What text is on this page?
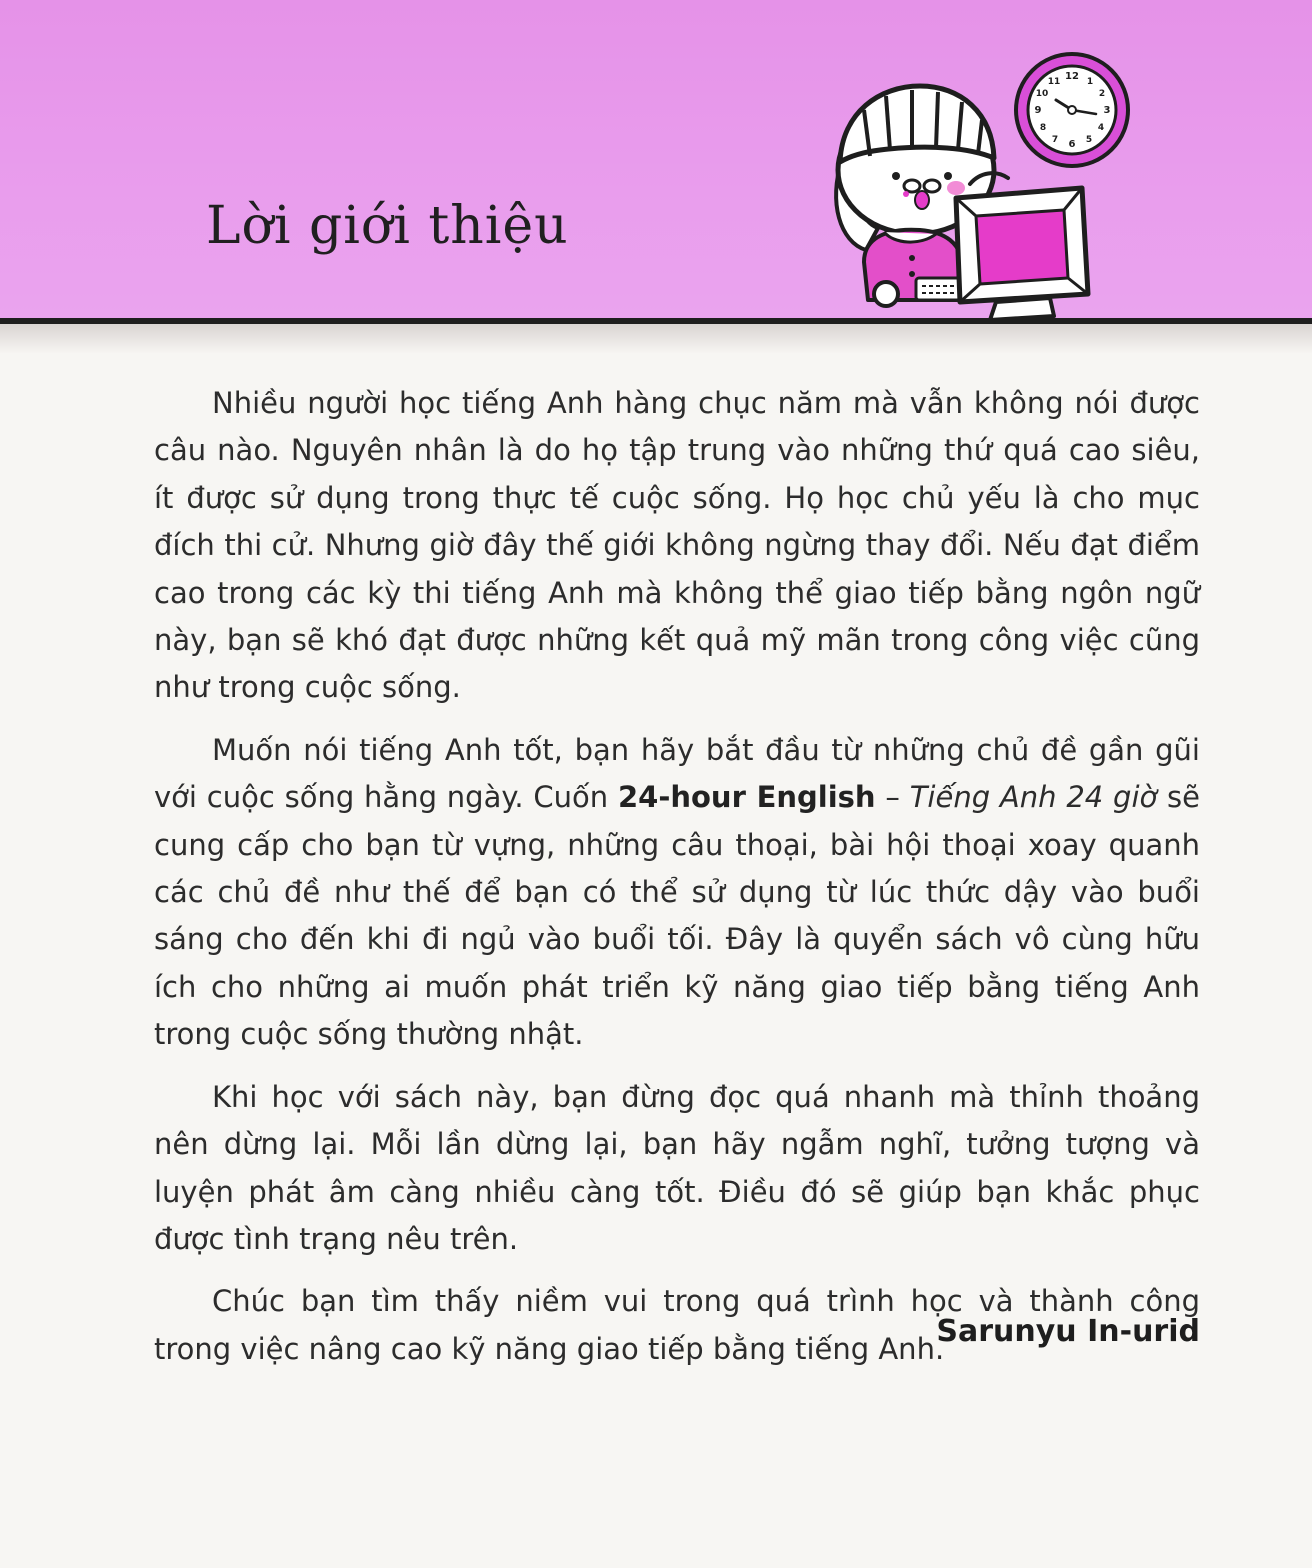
Lời giới thiệu
12 1
2
3
4
5
6
7
8
9
10
11

Nhiều người học tiếng Anh hàng chục năm mà vẫn không nói được câu nào. Nguyên nhân là do họ tập trung vào những thứ quá cao siêu, ít được sử dụng trong thực tế cuộc sống. Họ học chủ yếu là cho mục đích thi cử. Nhưng giờ đây thế giới không ngừng thay đổi. Nếu đạt điểm cao trong các kỳ thi tiếng Anh mà không thể giao tiếp bằng ngôn ngữ này, bạn sẽ khó đạt được những kết quả mỹ mãn trong công việc cũng như trong cuộc sống.

Muốn nói tiếng Anh tốt, bạn hãy bắt đầu từ những chủ đề gần gũi với cuộc sống hằng ngày. Cuốn 24-hour English – Tiếng Anh 24 giờ sẽ cung cấp cho bạn từ vựng, những câu thoại, bài hội thoại xoay quanh các chủ đề như thế để bạn có thể sử dụng từ lúc thức dậy vào buổi sáng cho đến khi đi ngủ vào buổi tối. Đây là quyển sách vô cùng hữu ích cho những ai muốn phát triển kỹ năng giao tiếp bằng tiếng Anh trong cuộc sống thường nhật.

Khi học với sách này, bạn đừng đọc quá nhanh mà thỉnh thoảng nên dừng lại. Mỗi lần dừng lại, bạn hãy ngẫm nghĩ, tưởng tượng và luyện phát âm càng nhiều càng tốt. Điều đó sẽ giúp bạn khắc phục được tình trạng nêu trên.

Chúc bạn tìm thấy niềm vui trong quá trình học và thành công trong việc nâng cao kỹ năng giao tiếp bằng tiếng Anh.

Sarunyu In-urid
